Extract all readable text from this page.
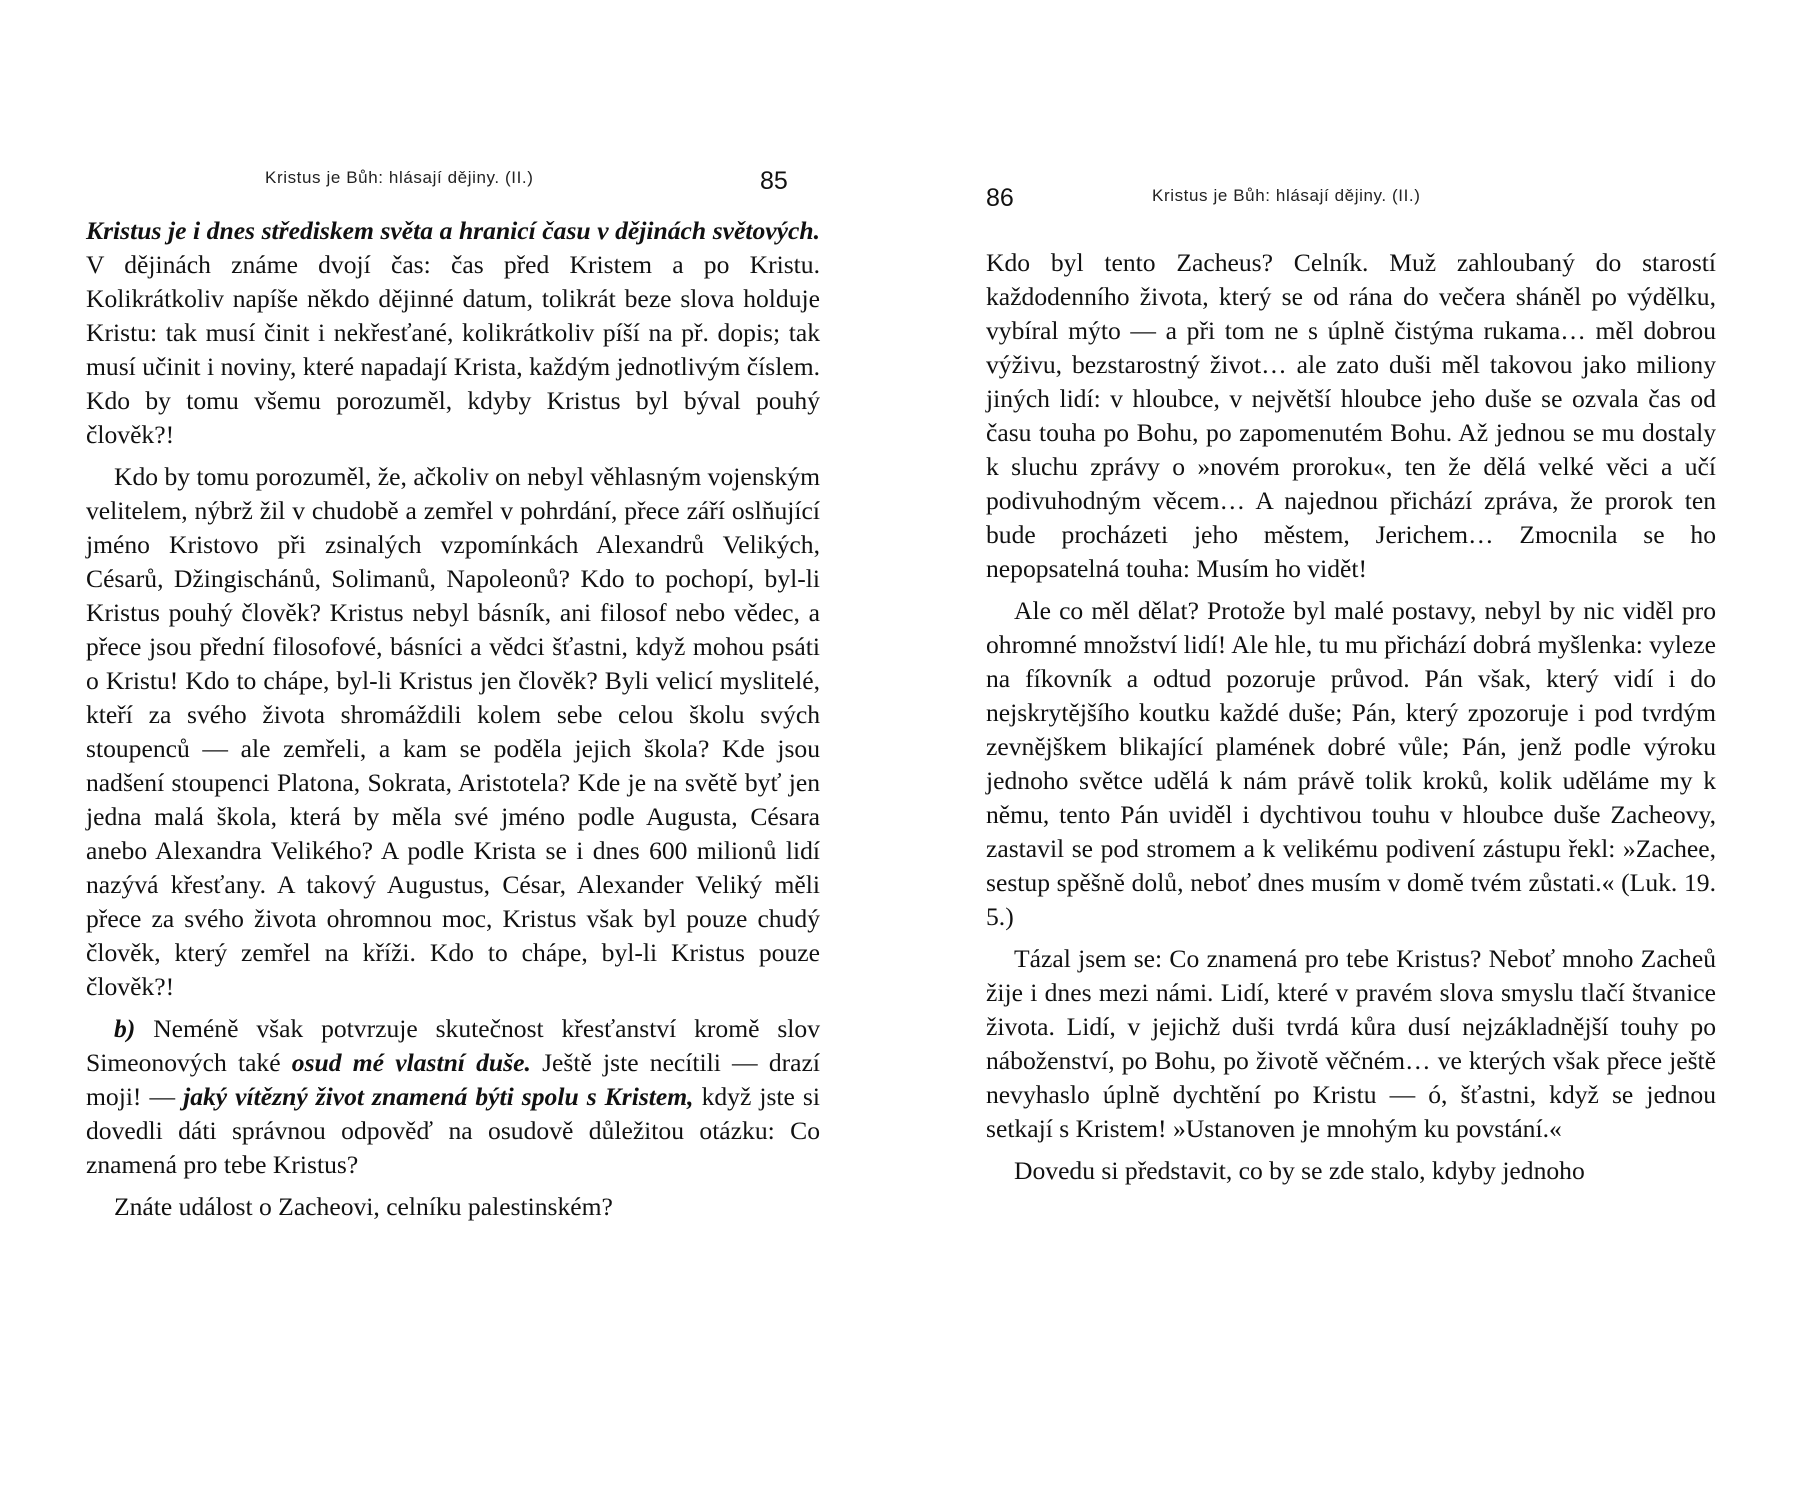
Kristus je Bůh: hlásají dějiny. (II.)	85

Kristus je i dnes střediskem světa a hranicí času v dějinách světových. V dějinách známe dvojí čas: čas před Kristem a po Kristu. Kolikrátkoliv napíše někdo dějinné datum, tolikrát beze slova holduje Kristu: tak musí činit i nekřesťané, kolikrátkoliv píší na př. dopis; tak musí učinit i noviny, které napadají Krista, každým jednotlivým číslem. Kdo by tomu všemu porozuměl, kdyby Kristus byl býval pouhý člověk?!

Kdo by tomu porozuměl, že, ačkoliv on nebyl věhlasným vojenským velitelem, nýbrž žil v chudobě a zemřel v pohrdání, přece září oslňující jméno Kristovo při zsinalých vzpomínkách Alexandrů Velikých, Césarů, Džingischánů, Solimanů, Napoleonů? Kdo to pochopí, byl-li Kristus pouhý člověk? Kristus nebyl básník, ani filosof nebo vědec, a přece jsou přední filosofové, básníci a vědci šťastni, když mohou psáti o Kristu! Kdo to chápe, byl-li Kristus jen člověk? Byli velicí myslitelé, kteří za svého života shromáždili kolem sebe celou školu svých stoupenců — ale zemřeli, a kam se poděla jejich škola? Kde jsou nadšení stoupenci Platona, Sokrata, Aristotela? Kde je na světě byť jen jedna malá škola, která by měla své jméno podle Augusta, Césara anebo Alexandra Velikého? A podle Krista se i dnes 600 milionů lidí nazývá křesťany. A takový Augustus, César, Alexander Veliký měli přece za svého života ohromnou moc, Kristus však byl pouze chudý člověk, který zemřel na kříži. Kdo to chápe, byl-li Kristus pouze člověk?!

b) Neméně však potvrzuje skutečnost křesťanství kromě slov Simeonových také osud mé vlastní duše. Ještě jste necítili — drazí moji! — jaký vítězný život znamená býti spolu s Kristem, když jste si dovedli dáti správnou odpověď na osudově důležitou otázku: Co znamená pro tebe Kristus?

Znáte událost o Zacheovi, celníku palestinském?

86	Kristus je Bůh: hlásají dějiny. (II.)

Kdo byl tento Zacheus? Celník. Muž zahloubaný do starostí každodenního života, který se od rána do večera sháněl po výdělku, vybíral mýto — a při tom ne s úplně čistýma rukama… měl dobrou výživu, bezstarostný život… ale zato duši měl takovou jako miliony jiných lidí: v hloubce, v největší hloubce jeho duše se ozvala čas od času touha po Bohu, po zapomenutém Bohu. Až jednou se mu dostaly k sluchu zprávy o »novém proroku«, ten že dělá velké věci a učí podivuhodným věcem… A najednou přichází zpráva, že prorok ten bude procházeti jeho městem, Jerichem… Zmocnila se ho nepopsatelná touha: Musím ho vidět!

Ale co měl dělat? Protože byl malé postavy, nebyl by nic viděl pro ohromné množství lidí! Ale hle, tu mu přichází dobrá myšlenka: vyleze na fíkovník a odtud pozoruje průvod. Pán však, který vidí i do nejskrytějšího koutku každé duše; Pán, který zpozoruje i pod tvrdým zevnějškem blikající plamének dobré vůle; Pán, jenž podle výroku jednoho světce udělá k nám právě tolik kroků, kolik uděláme my k němu, tento Pán uviděl i dychtivou touhu v hloubce duše Zacheovy, zastavil se pod stromem a k velikému podivení zástupu řekl: »Zachee, sestup spěšně dolů, neboť dnes musím v domě tvém zůstati.« (Luk. 19. 5.)

Tázal jsem se: Co znamená pro tebe Kristus? Neboť mnoho Zacheů žije i dnes mezi námi. Lidí, které v pravém slova smyslu tlačí štvanice života. Lidí, v jejichž duši tvrdá kůra dusí nejzákladnější touhy po náboženství, po Bohu, po životě věčném… ve kterých však přece ještě nevyhaslo úplně dychtění po Kristu — ó, šťastni, když se jednou setkají s Kristem! »Ustanoven je mnohým ku povstání.«

Dovedu si představit, co by se zde stalo, kdyby jednoho
